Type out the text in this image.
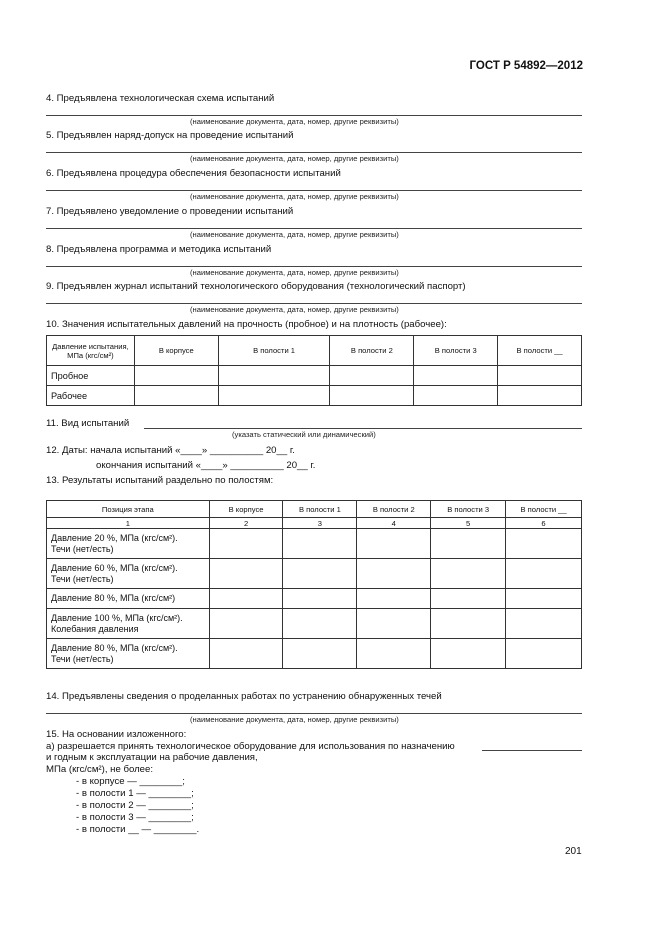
ГОСТ Р 54892—2012
4. Предъявлена технологическая схема испытаний
(наименование документа, дата, номер, другие реквизиты)
5. Предъявлен наряд-допуск на проведение испытаний
(наименование документа, дата, номер, другие реквизиты)
6. Предъявлена процедура обеспечения безопасности испытаний
(наименование документа, дата, номер, другие реквизиты)
7. Предъявлено уведомление о проведении испытаний
(наименование документа, дата, номер, другие реквизиты)
8. Предъявлена программа и методика испытаний
(наименование документа, дата, номер, другие реквизиты)
9. Предъявлен журнал испытаний технологического оборудования (технологический паспорт)
(наименование документа, дата, номер, другие реквизиты)
10. Значения испытательных давлений на прочность (пробное) и на плотность (рабочее):
Давление испытания, МПа (кгс/см²)	В корпусе	В полости 1	В полости 2	В полости 3	В полости __
Пробное					
Рабочее					
11. Вид испытаний
(указать статический или динамический)
12. Даты: начала испытаний «____» __________ 20__ г.
окончания испытаний «____» __________ 20__ г.
13. Результаты испытаний раздельно по полостям:
Позиция этапа	В корпусе	В полости 1	В полости 2	В полости 3	В полости __
1	2	3	4	5	6
Давление 20 %, МПа (кгс/см²).
Течи (нет/есть)					
Давление 60 %, МПа (кгс/см²).
Течи (нет/есть)					
Давление 80 %, МПа (кгс/см²)					
Давление 100 %, МПа (кгс/см²).
Колебания давления					
Давление 80 %, МПа (кгс/см²).
Течи (нет/есть)					
14. Предъявлены сведения о проделанных работах по устранению обнаруженных течей
(наименование документа, дата, номер, другие реквизиты)
15. На основании изложенного:
а) разрешается принять технологическое оборудование для использования по назначению
и годным к эксплуатации на рабочие давления,
МПа (кгс/см²), не более:
- в корпусе — ________;
- в полости 1 — ________;
- в полости 2 — ________;
- в полости 3 — ________;
- в полости __ — ________.
201
